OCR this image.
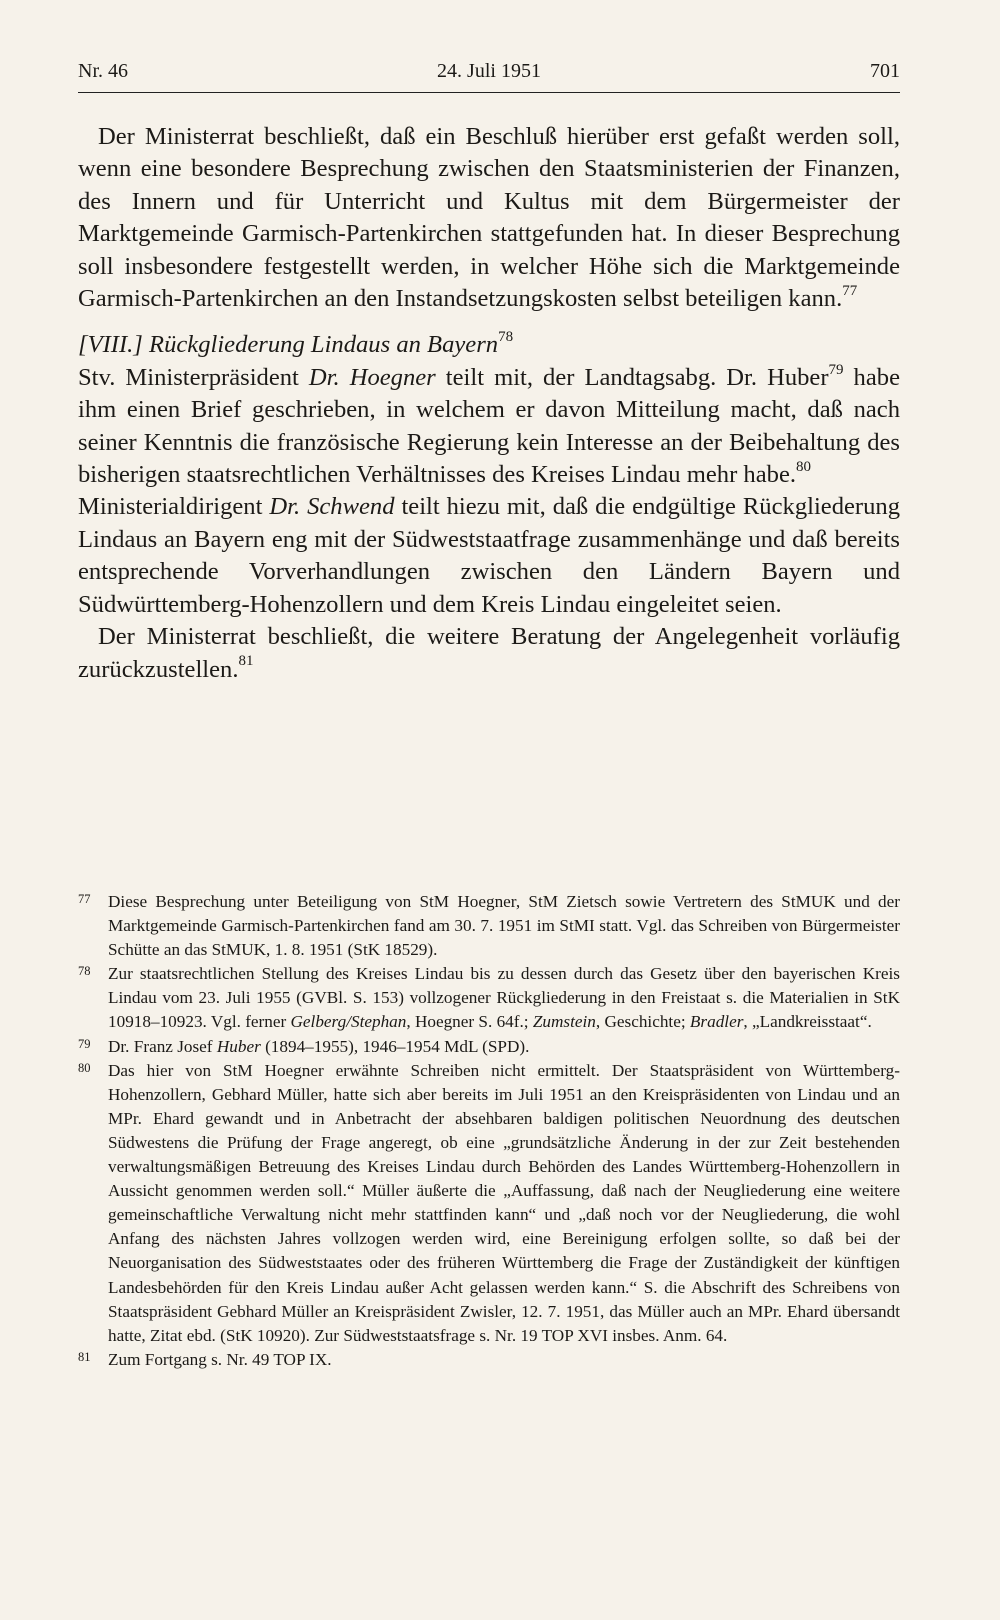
Nr. 46	24. Juli 1951	701

Der Ministerrat beschließt, daß ein Beschluß hierüber erst gefaßt werden soll, wenn eine besondere Besprechung zwischen den Staatsministerien der Finanzen, des Innern und für Unterricht und Kultus mit dem Bürgermeister der Marktgemeinde Garmisch-Partenkirchen stattgefunden hat. In dieser Besprechung soll insbesondere festgestellt werden, in welcher Höhe sich die Marktgemeinde Garmisch-Partenkirchen an den Instandsetzungskosten selbst beteiligen kann.$^{77}$

[VIII.] Rückgliederung Lindaus an Bayern$^{78}$

Stv. Ministerpräsident Dr. Hoegner teilt mit, der Landtagsabg. Dr. Huber$^{79}$ habe ihm einen Brief geschrieben, in welchem er davon Mitteilung macht, daß nach seiner Kenntnis die französische Regierung kein Interesse an der Beibehaltung des bisherigen staatsrechtlichen Verhältnisses des Kreises Lindau mehr habe.$^{80}$

Ministerialdirigent Dr. Schwend teilt hiezu mit, daß die endgültige Rückgliederung Lindaus an Bayern eng mit der Südweststaatfrage zusammenhänge und daß bereits entsprechende Vorverhandlungen zwischen den Ländern Bayern und Südwürttemberg-Hohenzollern und dem Kreis Lindau eingeleitet seien.

Der Ministerrat beschließt, die weitere Beratung der Angelegenheit vorläufig zurückzustellen.$^{81}$

77 Diese Besprechung unter Beteiligung von StM Hoegner, StM Zietsch sowie Vertretern des StMUK und der Marktgemeinde Garmisch-Partenkirchen fand am 30. 7. 1951 im StMI statt. Vgl. das Schreiben von Bürgermeister Schütte an das StMUK, 1. 8. 1951 (StK 18529).

78 Zur staatsrechtlichen Stellung des Kreises Lindau bis zu dessen durch das Gesetz über den bayerischen Kreis Lindau vom 23. Juli 1955 (GVBl. S. 153) vollzogener Rückgliederung in den Freistaat s. die Materialien in StK 10918–10923. Vgl. ferner Gelberg/Stephan, Hoegner S. 64f.; Zumstein, Geschichte; Bradler, „Landkreisstaat“.

79 Dr. Franz Josef Huber (1894–1955), 1946–1954 MdL (SPD).

80 Das hier von StM Hoegner erwähnte Schreiben nicht ermittelt. Der Staatspräsident von Württemberg-Hohenzollern, Gebhard Müller, hatte sich aber bereits im Juli 1951 an den Kreispräsidenten von Lindau und an MPr. Ehard gewandt und in Anbetracht der absehbaren baldigen politischen Neuordnung des deutschen Südwestens die Prüfung der Frage angeregt, ob eine „grundsätzliche Änderung in der zur Zeit bestehenden verwaltungsmäßigen Betreuung des Kreises Lindau durch Behörden des Landes Württemberg-Hohenzollern in Aussicht genommen werden soll.“ Müller äußerte die „Auffassung, daß nach der Neugliederung eine weitere gemeinschaftliche Verwaltung nicht mehr stattfinden kann“ und „daß noch vor der Neugliederung, die wohl Anfang des nächsten Jahres vollzogen werden wird, eine Bereinigung erfolgen sollte, so daß bei der Neuorganisation des Südweststaates oder des früheren Württemberg die Frage der Zuständigkeit der künftigen Landesbehörden für den Kreis Lindau außer Acht gelassen werden kann.“ S. die Abschrift des Schreibens von Staatspräsident Gebhard Müller an Kreispräsident Zwisler, 12. 7. 1951, das Müller auch an MPr. Ehard übersandt hatte, Zitat ebd. (StK 10920). Zur Südweststaatsfrage s. Nr. 19 TOP XVI insbes. Anm. 64.

81 Zum Fortgang s. Nr. 49 TOP IX.
